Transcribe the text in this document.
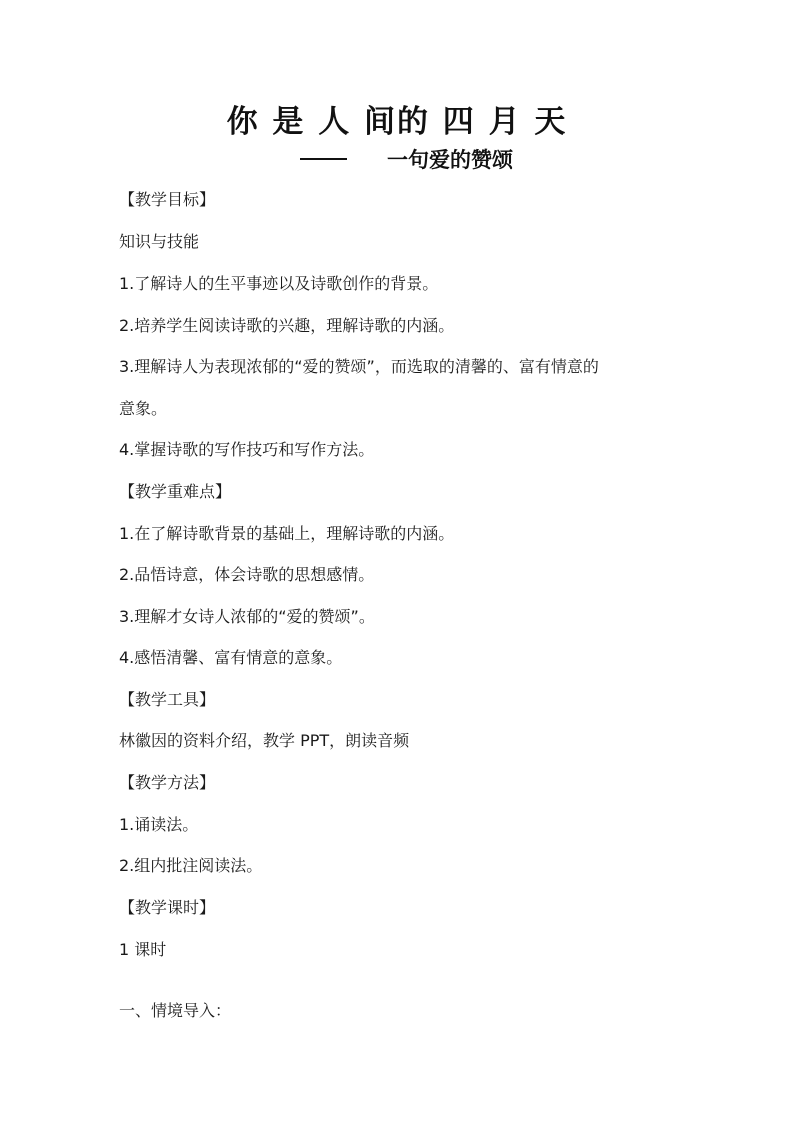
你 是 人 间的 四 月 天
一句爱的赞颂
【教学目标】
知识与技能
1.了解诗人的生平事迹以及诗歌创作的背景。
2.培养学生阅读诗歌的兴趣，理解诗歌的内涵。
3.理解诗人为表现浓郁的“爱的赞颂”，而选取的清馨的、富有情意的
意象。
4.掌握诗歌的写作技巧和写作方法。
【教学重难点】
1.在了解诗歌背景的基础上，理解诗歌的内涵。
2.品悟诗意，体会诗歌的思想感情。
3.理解才女诗人浓郁的“爱的赞颂”。
4.感悟清馨、富有情意的意象。
【教学工具】
林徽因的资料介绍，教学 PPT，朗读音频
【教学方法】
1.诵读法。
2.组内批注阅读法。
【教学课时】
1 课时
一、情境导入：
